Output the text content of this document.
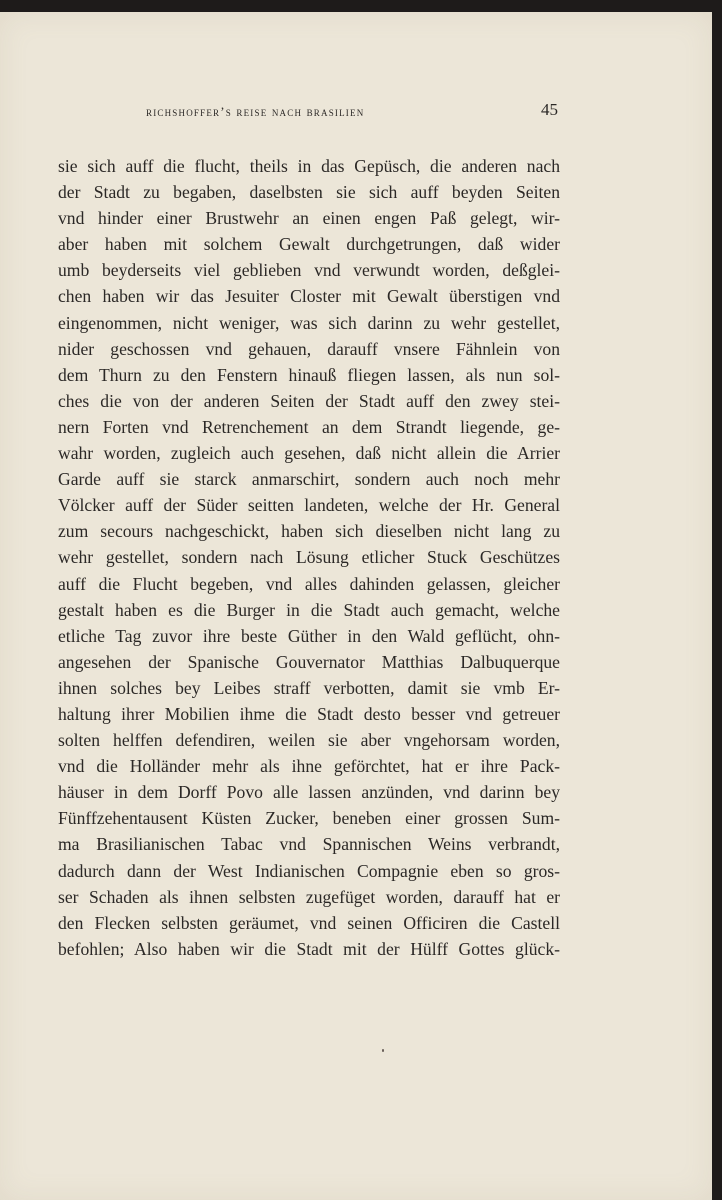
richshoffer’s reise nach brasilien	45
sie sich auff die flucht, theils in das Gepüsch, die anderen nach
der Stadt zu begaben, daselbsten sie sich auff beyden Seiten
vnd hinder einer Brustwehr an einen engen Paß gelegt, wir-
aber haben mit solchem Gewalt durchgetrungen, daß wider
umb beyderseits viel geblieben vnd verwundt worden, deßglei-
chen haben wir das Jesuiter Closter mit Gewalt überstigen vnd
eingenommen, nicht weniger, was sich darinn zu wehr gestellet,
nider geschossen vnd gehauen, darauff vnsere Fähnlein von
dem Thurn zu den Fenstern hinauß fliegen lassen, als nun sol-
ches die von der anderen Seiten der Stadt auff den zwey stei-
nern Forten vnd Retrenchement an dem Strandt liegende, ge-
wahr worden, zugleich auch gesehen, daß nicht allein die Arrier
Garde auff sie starck anmarschirt, sondern auch noch mehr
Völcker auff der Süder seitten landeten, welche der Hr. General
zum secours nachgeschickt, haben sich dieselben nicht lang zu
wehr gestellet, sondern nach Lösung etlicher Stuck Geschützes
auff die Flucht begeben, vnd alles dahinden gelassen, gleicher
gestalt haben es die Burger in die Stadt auch gemacht, welche
etliche Tag zuvor ihre beste Güther in den Wald geflücht, ohn-
angesehen der Spanische Gouvernator Matthias Dalbuquerque
ihnen solches bey Leibes straff verbotten, damit sie vmb Er-
haltung ihrer Mobilien ihme die Stadt desto besser vnd getreuer
solten helffen defendiren, weilen sie aber vngehorsam worden,
vnd die Holländer mehr als ihne geförchtet, hat er ihre Pack-
häuser in dem Dorff Povo alle lassen anzünden, vnd darinn bey
Fünffzehentausent Küsten Zucker, beneben einer grossen Sum-
ma Brasilianischen Tabac vnd Spannischen Weins verbrandt,
dadurch dann der West Indianischen Compagnie eben so gros-
ser Schaden als ihnen selbsten zugefüget worden, darauff hat er
den Flecken selbsten geräumet, vnd seinen Officiren die Castell
befohlen; Also haben wir die Stadt mit der Hülff Gottes glück-
